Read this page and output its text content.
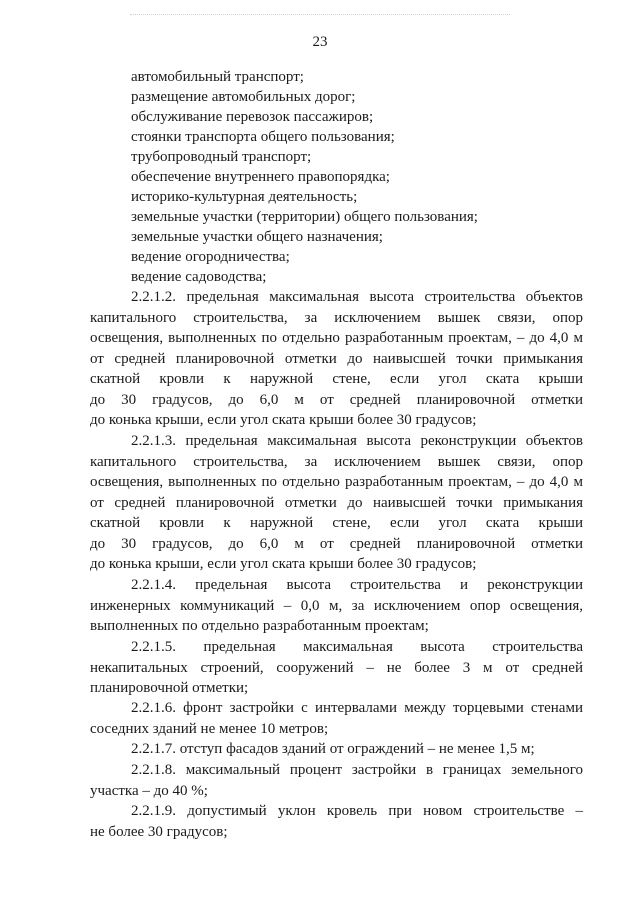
23
автомобильный транспорт;
размещение автомобильных дорог;
обслуживание перевозок пассажиров;
стоянки транспорта общего пользования;
трубопроводный транспорт;
обеспечение внутреннего правопорядка;
историко-культурная деятельность;
земельные участки (территории) общего пользования;
земельные участки общего назначения;
ведение огородничества;
ведение садоводства;
2.2.1.2. предельная максимальная высота строительства объектов
капитального строительства, за исключением вышек связи, опор
освещения, выполненных по отдельно разработанным проектам, – до 4,0 м
от средней планировочной отметки до наивысшей точки примыкания
скатной кровли к наружной стене, если угол ската крыши
до 30 градусов, до 6,0 м от средней планировочной отметки
до конька крыши, если угол ската крыши более 30 градусов;
2.2.1.3. предельная максимальная высота реконструкции объектов
капитального строительства, за исключением вышек связи, опор
освещения, выполненных по отдельно разработанным проектам, – до 4,0 м
от средней планировочной отметки до наивысшей точки примыкания
скатной кровли к наружной стене, если угол ската крыши
до 30 градусов, до 6,0 м от средней планировочной отметки
до конька крыши, если угол ската крыши более 30 градусов;
2.2.1.4. предельная высота строительства и реконструкции
инженерных коммуникаций – 0,0 м, за исключением опор освещения,
выполненных по отдельно разработанным проектам;
2.2.1.5. предельная максимальная высота строительства
некапитальных строений, сооружений – не более 3 м от средней
планировочной отметки;
2.2.1.6. фронт застройки с интервалами между торцевыми стенами
соседних зданий не менее 10 метров;
2.2.1.7. отступ фасадов зданий от ограждений – не менее 1,5 м;
2.2.1.8. максимальный процент застройки в границах земельного
участка – до 40 %;
2.2.1.9. допустимый уклон кровель при новом строительстве –
не более 30 градусов;
